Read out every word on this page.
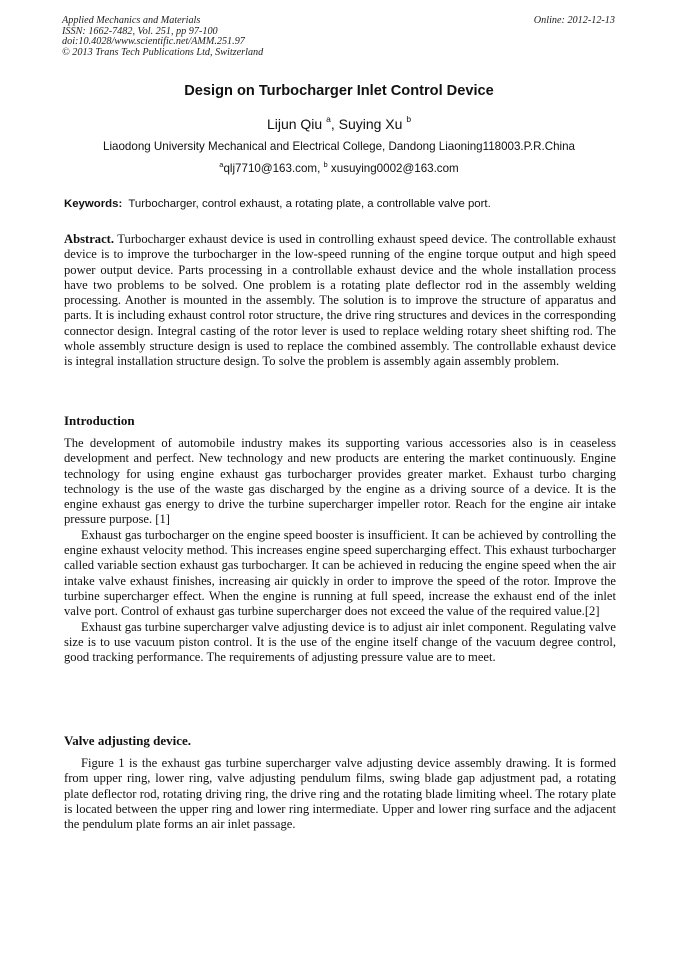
Applied Mechanics and Materials
ISSN: 1662-7482, Vol. 251, pp 97-100
doi:10.4028/www.scientific.net/AMM.251.97
© 2013 Trans Tech Publications Ltd, Switzerland
Online: 2012-12-13
Design on Turbocharger Inlet Control Device
Lijun Qiu $^a$, Suying Xu $^b$
Liaodong University Mechanical and Electrical College, Dandong Liaoning118003.P.R.China
$^a$qlj7710@163.com, $^b$ xusuying0002@163.com
Keywords: Turbocharger, control exhaust, a rotating plate, a controllable valve port.

Abstract. Turbocharger exhaust device is used in controlling exhaust speed device. The controllable exhaust device is to improve the turbocharger in the low-speed running of the engine torque output and high speed power output device. Parts processing in a controllable exhaust device and the whole installation process have two problems to be solved. One problem is a rotating plate deflector rod in the assembly welding processing. Another is mounted in the assembly. The solution is to improve the structure of apparatus and parts. It is including exhaust control rotor structure, the drive ring structures and devices in the corresponding connector design. Integral casting of the rotor lever is used to replace welding rotary sheet shifting rod. The whole assembly structure design is used to replace the combined assembly. The controllable exhaust device is integral installation structure design. To solve the problem is assembly again assembly problem.

Introduction

The development of automobile industry makes its supporting various accessories also is in ceaseless development and perfect. New technology and new products are entering the market continuously. Engine technology for using engine exhaust gas turbocharger provides greater market. Exhaust turbo charging technology is the use of the waste gas discharged by the engine as a driving source of a device. It is the engine exhaust gas energy to drive the turbine supercharger impeller rotor. Reach for the engine air intake pressure purpose. [1]

Exhaust gas turbocharger on the engine speed booster is insufficient. It can be achieved by controlling the engine exhaust velocity method. This increases engine speed supercharging effect. This exhaust turbocharger called variable section exhaust gas turbocharger. It can be achieved in reducing the engine speed when the air intake valve exhaust finishes, increasing air quickly in order to improve the speed of the rotor. Improve the turbine supercharger effect. When the engine is running at full speed, increase the exhaust end of the inlet valve port. Control of exhaust gas turbine supercharger does not exceed the value of the required value.[2]

Exhaust gas turbine supercharger valve adjusting device is to adjust air inlet component. Regulating valve size is to use vacuum piston control. It is the use of the engine itself change of the vacuum degree control, good tracking performance. The requirements of adjusting pressure value are to meet.

Valve adjusting device.

Figure 1 is the exhaust gas turbine supercharger valve adjusting device assembly drawing. It is formed from upper ring, lower ring, valve adjusting pendulum films, swing blade gap adjustment pad, a rotating plate deflector rod, rotating driving ring, the drive ring and the rotating blade limiting wheel. The rotary plate is located between the upper ring and lower ring intermediate. Upper and lower ring surface and the adjacent the pendulum plate forms an air inlet passage.
